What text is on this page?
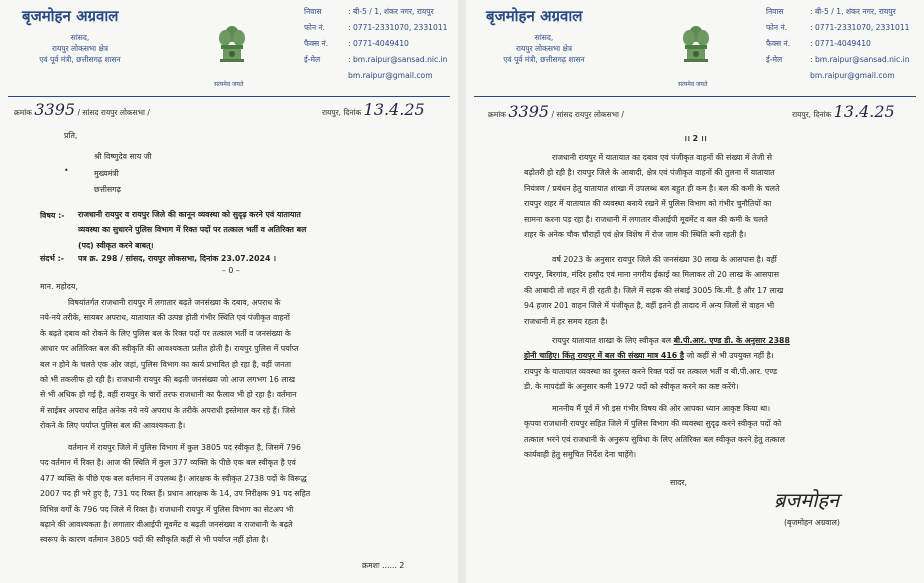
बृजमोहन अग्रवाल
सांसद,
रायपुर लोकसभा क्षेत्र
एवं पूर्व मंत्री, छत्तीसगढ़ शासन
सत्यमेव जयते
निवास	: बी-5 / 1, शंकर नगर, रायपुर
फोन नं.	: 0771-2331070, 2331011
फैक्स नं.	: 0771-4049410
ई-मेल	: bm.raipur@sansad.nic.in
bm.raipur@gmail.com
क्रमांक 3395 / सांसद रायपुर लोकसभा /	रायपुर, दिनांक 13.4.25
प्रति,
श्री विष्णुदेव साय जी
•	मुख्यमंत्री
छत्तीसगढ़
विषय :- राजधानी रायपुर व रायपुर जिले की कानून व्यवस्था को सुदृढ़ करने एवं यातायात

व्यवस्था का सुधारने पुलिस विभाग में रिक्त पदों पर तत्काल भर्ती व अतिरिक्त बल

(पद) स्वीकृत करने बाबत्।

संदर्भ :- पत्र क्र. 298 / सांसद, रायपुर लोकसभा, दिनांक 23.07.2024 ।
– 0 –
मान. महोदय,

विषयांतर्गत राजधानी रायपुर में लगातार बढ़ते जनसंख्या के दबाव, अपराध के

नये-नये तरीके, सायबर अपराध, यातायात की उत्पन्न होती गंभीर स्थिति एवं पंजीकृत वाहनों

के बढ़ते दबाव को रोकने के लिए पुलिस बल के रिक्त पदों पर तत्काल भर्ती व जनसंख्या के

आधार पर अतिरिक्त बल की स्वीकृति की आवश्यकता प्रतीत होती है। रायपुर पुलिस में पर्याप्त

बल न होने के चलते एक ओर जहां, पुलिस विभाग का कार्य प्रभावित हो रहा है, वहीं जनता

को भी तकलीफ हो रही है। राजधानी रायपुर की बढ़ती जनसंख्या जो आज लगभग 16 लाख

से भी अधिक हो गई है, वहीं रायपुर के चारों तरफ राजधानी का फैलाव भी हो रहा है। वर्तमान

में साईबर अपराध सहित अनेक नये नये अपराध के तरीके अपराधी इस्तेमाल कर रहे हैं। जिसे

रोकने के लिए पर्याप्त पुलिस बल की आवश्यकता है।

वर्तमान में रायपुर जिले में पुलिस विभाग में कुल 3805 पद स्वीकृत है, जिसमें 796

पद वर्तमान में रिक्त है। आज की स्थिति में कुल 377 व्यक्ति के पीछे एक बल स्वीकृत है एवं

477 व्यक्ति के पीछे एक बल वर्तमान में उपलब्ध है। आरक्षक के स्वीकृत 2738 पदों के विरूद्ध

2007 पद ही भरे हुए है, 731 पद रिक्त हैं। प्रधान आरक्षक के 14, उप निरीक्षक 91 पद सहित

विभिन्न वर्गों के 796 पद जिले में रिक्त है। राजधानी रायपुर में पुलिस विभाग का सेटअप भी

बढ़ाने की आवश्यकता है। लगातार वीआईपी मूवमेंट व बढ़ती जनसंख्या व राजधानी के बढ़ते

स्वरूप के कारण वर्तमान 3805 पदों की स्वीकृति कहीं से भी पर्याप्त नहीं होता है।

क्रमशः ...... 2
बृजमोहन अग्रवाल
सांसद,
रायपुर लोकसभा क्षेत्र
एवं पूर्व मंत्री, छत्तीसगढ़ शासन
सत्यमेव जयते
निवास	: बी-5 / 1, शंकर नगर, रायपुर
फोन नं.	: 0771-2331070, 2331011
फैक्स नं.	: 0771-4049410
ई-मेल	: bm.raipur@sansad.nic.in
bm.raipur@gmail.com
क्रमांक 3395 / सांसद रायपुर लोकसभा /	रायपुर, दिनांक 13.4.25
।। 2 ।।

राजधानी रायपुर में यातायात का दबाव एवं पंजीकृत वाहनों की संख्या में तेजी से

बढ़ोतरी हो रही है। रायपुर जिले के आबादी, क्षेत्र एवं पंजीकृत वाहनों की तुलना में यातायात

नियंत्रण / प्रबंधन हेतु यातायात शाखा में उपलब्ध बल बहुत ही कम है। बल की कमी के चलते

रायपुर शहर में यातायात की व्यवस्था बनाये रखने में पुलिस विभाग को गंभीर चुनौतियों का

सामना करना पड़ रहा है। राजधानी में लगातार वीआईपी मूवमेंट व बल की कमी के चलते

शहर के अनेक चौक चौराहों एवं क्षेत्र विशेष में रोज जाम की स्थिति बनी रहती है।

वर्ष 2023 के अनुसार रायपुर जिले की जनसंख्या 30 लाख के आसपास है। वहीं

रायपुर, बिरगांव, मंदिर हसौद एवं माना नगरीय ईकाई का मिलाकर तो 20 लाख के आसपास

की आबादी तो शहर में ही रहती है। जिले में सड़क की लंबाई 3005 कि.मी. है और 17 लाख

94 हजार 201 वाहन जिले में पंजीकृत है, वहीं इतने ही तादाद में अन्य जिलों से वाहन भी

राजधानी में हर समय रहता है।

रायपुर यातायात शाखा के लिए स्वीकृत बल बी.पी.आर. एण्ड डी. के अनुसार 2388

होनी चाहिए। किंतु रायपुर में बल की संख्या मात्र 416 है जो कहीं से भी उपयुक्त नहीं है।

रायपुर के यातायात व्यवस्था का दुरुस्त करने रिक्त पदों पर तत्काल भर्ती व बी.पी.आर. एण्ड

डी. के मापदंडों के अनुसार कमी 1972 पदों को स्वीकृत करने का कष्ट करेंगे।

माननीय मैं पूर्व में भी इस गंभीर विषय की ओर आपका ध्यान आकृष्ट किया था।

कृपया राजधानी रायपुर सहित जिले में पुलिस विभाग की व्यवस्था सुदृढ़ करने स्वीकृत पदों को

तत्काल भरने एवं राजधानी के अनुरूप सुविधा के लिए अतिरिक्त बल स्वीकृत करने हेतु तत्काल

कार्यवाही हेतु समुचित निर्देश देना चाहेंगे।

सादर,
ब्रजमोहन
(बृजमोहन अग्रवाल)
